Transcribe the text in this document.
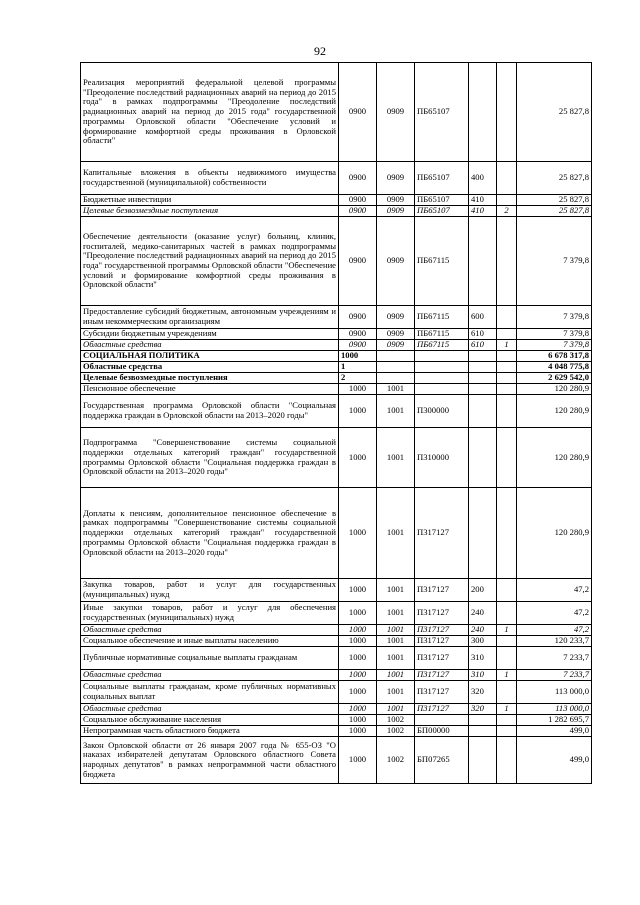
92
Реализация мероприятий федеральной целевой программы "Преодоление последствий радиационных аварий на период до 2015 года" в рамках подпрограммы "Преодоление последствий радиационных аварий на период до 2015 года" государственной программы Орловской области "Обеспечение условий и формирование комфортной среды проживания в Орловской области"	0900	0909	ПБ65107			25 827,8
Капитальные вложения в объекты недвижимого имущества государственной (муниципальной) собственности	0900	0909	ПБ65107	400		25 827,8
Бюджетные инвестиции	0900	0909	ПБ65107	410		25 827,8
Целевые безвозмездные поступления	0900	0909	ПБ65107	410	2	25 827,8
Обеспечение деятельности (оказание услуг) больниц, клиник, госпиталей, медико-санитарных частей в рамках подпрограммы "Преодоление последствий радиационных аварий на период до 2015 года" государственной программы Орловской области "Обеспечение условий и формирование комфортной среды проживания в Орловской области"	0900	0909	ПБ67115			7 379,8
Предоставление субсидий бюджетным, автономным учреждениям и иным некоммерческим организациям	0900	0909	ПБ67115	600		7 379,8
Субсидии бюджетным учреждениям	0900	0909	ПБ67115	610		7 379,8
Областные средства	0900	0909	ПБ67115	610	1	7 379,8
СОЦИАЛЬНАЯ ПОЛИТИКА	1000					6 678 317,8
Областные средства	1					4 048 775,8
Целевые безвозмездные поступления	2					2 629 542,0
Пенсионное обеспечение	1000	1001				120 280,9
Государственная программа Орловской области "Социальная поддержка граждан в Орловской области на 2013–2020 годы"	1000	1001	П300000			120 280,9
Подпрограмма "Совершенствование системы социальной поддержки отдельных категорий граждан" государственной программы Орловской области "Социальная поддержка граждан в Орловской области на 2013–2020 годы"	1000	1001	П310000			120 280,9
Доплаты к пенсиям, дополнительное пенсионное обеспечение в рамках подпрограммы "Совершенствование системы социальной поддержки отдельных категорий граждан" государственной программы Орловской области "Социальная поддержка граждан в Орловской области на 2013–2020 годы"	1000	1001	П317127			120 280,9
Закупка товаров, работ и услуг для государственных (муниципальных) нужд	1000	1001	П317127	200		47,2
Иные закупки товаров, работ и услуг для обеспечения государственных (муниципальных) нужд	1000	1001	П317127	240		47,2
Областные средства	1000	1001	П317127	240	1	47,2
Социальное обеспечение и иные выплаты населению	1000	1001	П317127	300		120 233,7
Публичные нормативные социальные выплаты гражданам	1000	1001	П317127	310		7 233,7
Областные средства	1000	1001	П317127	310	1	7 233,7
Социальные выплаты гражданам, кроме публичных нормативных социальных выплат	1000	1001	П317127	320		113 000,0
Областные средства	1000	1001	П317127	320	1	113 000,0
Социальное обслуживание населения	1000	1002				1 282 695,7
Непрограммная часть областного бюджета	1000	1002	БП00000			499,0
Закон Орловской области от 26 января 2007 года № 655-ОЗ "О наказах избирателей депутатам Орловского областного Совета народных депутатов" в рамках непрограммной части областного бюджета	1000	1002	БП07265			499,0
